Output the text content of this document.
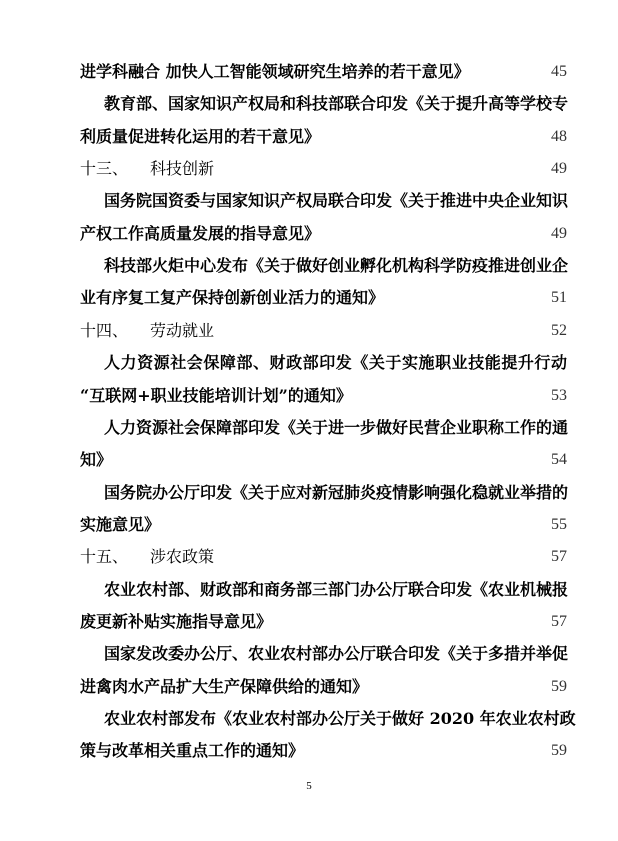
进学科融合 加快人工智能领域研究生培养的若干意见》	45
教育部、国家知识产权局和科技部联合印发《关于提升高等学校专
利质量促进转化运用的若干意见》	48
十三、 科技创新	49
国务院国资委与国家知识产权局联合印发《关于推进中央企业知识
产权工作高质量发展的指导意见》	49
科技部火炬中心发布《关于做好创业孵化机构科学防疫推进创业企
业有序复工复产保持创新创业活力的通知》	51
十四、 劳动就业	52
人力资源社会保障部、财政部印发《关于实施职业技能提升行动
“互联网+职业技能培训计划”的通知》	53
人力资源社会保障部印发《关于进一步做好民营企业职称工作的通
知》	54
国务院办公厅印发《关于应对新冠肺炎疫情影响强化稳就业举措的
实施意见》	55
十五、 涉农政策	57
农业农村部、财政部和商务部三部门办公厅联合印发《农业机械报
废更新补贴实施指导意见》	57
国家发改委办公厅、农业农村部办公厅联合印发《关于多措并举促
进禽肉水产品扩大生产保障供给的通知》	59
农业农村部发布《农业农村部办公厅关于做好 2020 年农业农村政
策与改革相关重点工作的通知》	59
5
